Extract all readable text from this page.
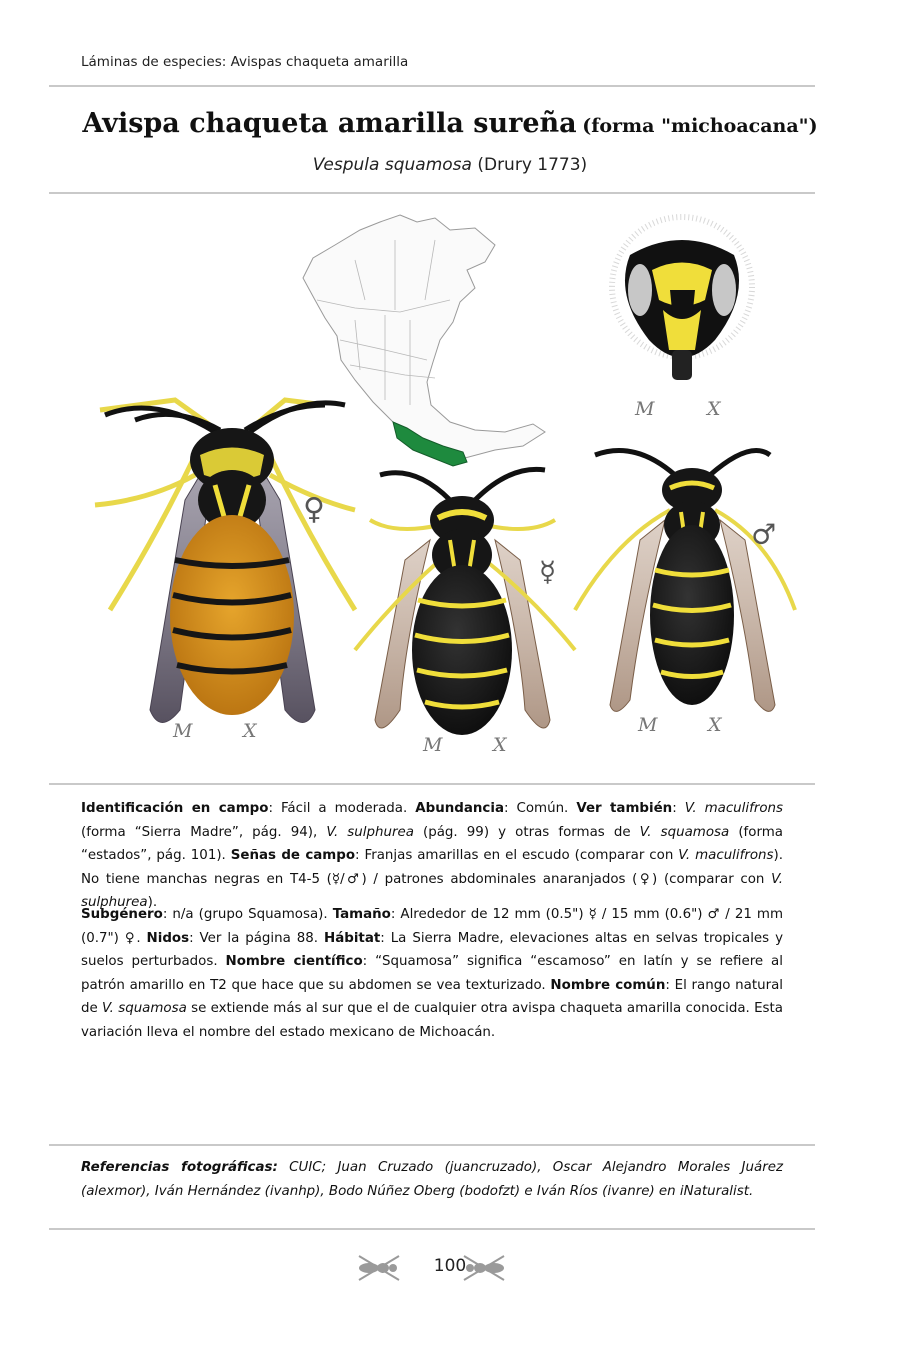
Láminas de especies: Avispas chaqueta amarilla
Avispa chaqueta amarilla sureña (forma "michoacana")
Vespula squamosa (Drury 1773)
♀
☿
♂
M	X
M	X
M	X
M	X

Identificación en campo: Fácil a moderada. Abundancia: Común. Ver también: V. maculifrons (forma “Sierra Madre”, pág. 94), V. sulphurea (pág. 99) y otras formas de V. squamosa (forma “estados”, pág. 101). Señas de campo: Franjas amarillas en el escudo (comparar con V. maculifrons). No tiene manchas negras en T4-5 (☿/♂) / patrones abdominales anaranjados (♀) (comparar con V. sulphurea).

Subgénero: n/a (grupo Squamosa). Tamaño: Alrededor de 12 mm (0.5") ☿ / 15 mm (0.6") ♂ / 21 mm (0.7") ♀. Nidos: Ver la página 88. Hábitat: La Sierra Madre, elevaciones altas en selvas tropicales y suelos perturbados. Nombre científico: “Squamosa” significa “escamoso” en latín y se refiere al patrón amarillo en T2 que hace que su abdomen se vea texturizado. Nombre común: El rango natural de V. squamosa se extiende más al sur que el de cualquier otra avispa chaqueta amarilla conocida. Esta variación lleva el nombre del estado mexicano de Michoacán.

Referencias fotográficas: CUIC; Juan Cruzado (juancruzado), Oscar Alejandro Morales Juárez (alexmor), Iván Hernández (ivanhp), Bodo Núñez Oberg (bodofzt) e Iván Ríos (ivanre) en iNaturalist.

100
